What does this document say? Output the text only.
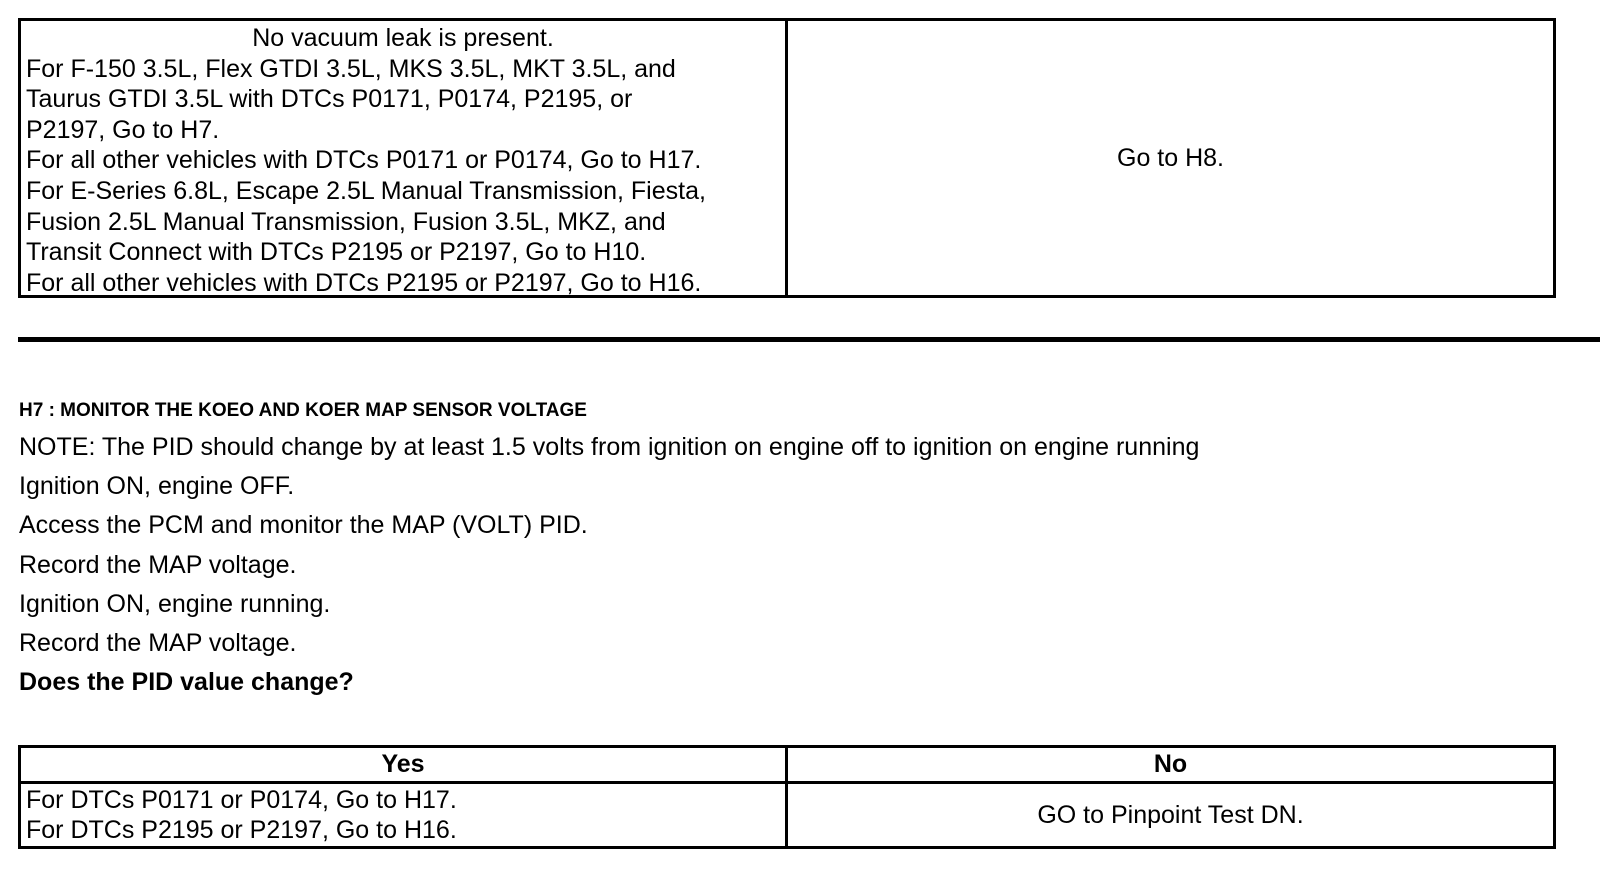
No vacuum leak is present.
For F-150 3.5L, Flex GTDI 3.5L, MKS 3.5L, MKT 3.5L, and
Taurus GTDI 3.5L with DTCs P0171, P0174, P2195, or
P2197, Go to H7.
For all other vehicles with DTCs P0171 or P0174, Go to H17.
For E-Series 6.8L, Escape 2.5L Manual Transmission, Fiesta,
Fusion 2.5L Manual Transmission, Fusion 3.5L, MKZ, and
Transit Connect with DTCs P2195 or P2197, Go to H10.
For all other vehicles with DTCs P2195 or P2197, Go to H16.
Go to H8.
H7 : MONITOR THE KOEO AND KOER MAP SENSOR VOLTAGE
NOTE: The PID should change by at least 1.5 volts from ignition on engine off to ignition on engine running
Ignition ON, engine OFF.
Access the PCM and monitor the MAP (VOLT) PID.
Record the MAP voltage.
Ignition ON, engine running.
Record the MAP voltage.
Does the PID value change?
Yes	No
For DTCs P0171 or P0174, Go to H17.
For DTCs P2195 or P2197, Go to H16.
GO to Pinpoint Test DN.
